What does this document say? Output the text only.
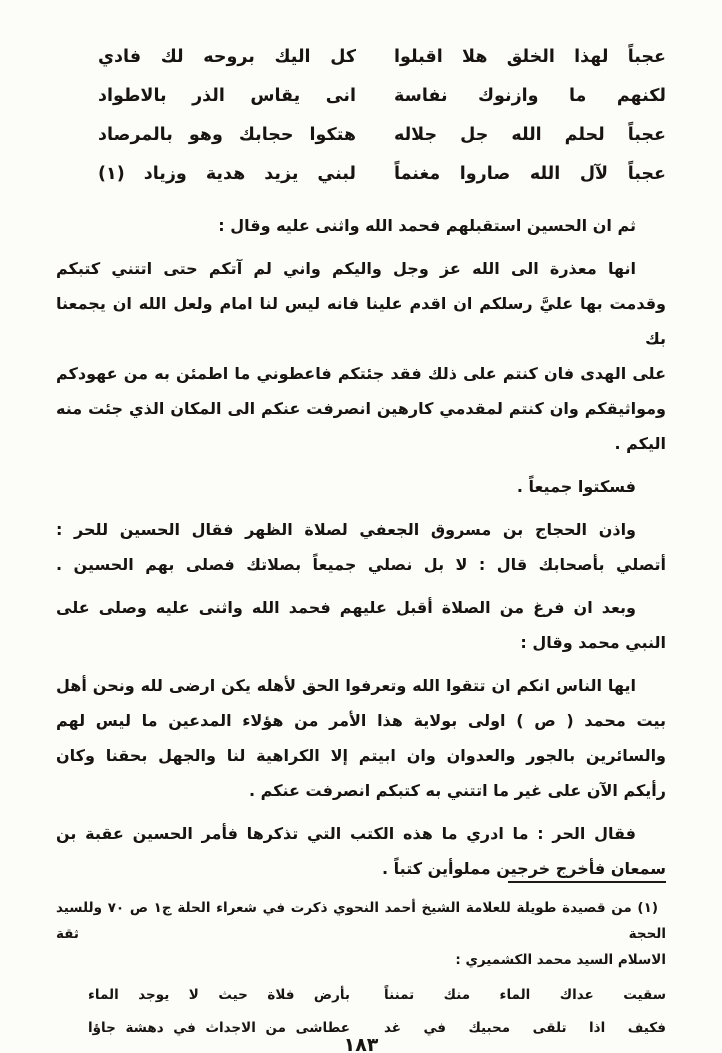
عجباً لهذا الخلق هلا اقبلوا
كل اليك بروحه لك فادي
لكنهم ما وازنوك نفاسة
انى يقاس الذر بالاطواد
عجباً لحلم الله جل جلاله
هتكوا حجابك وهو بالمرصاد
عجباً لآل الله صاروا مغنماً
لبني يزيد هدية وزياد (١)
ثم ان الحسين استقبلهم فحمد الله واثنى عليه وقال :
انها معذرة الى الله عز وجل واليكم واني لم آتكم حتى اتتني كتبكم
وقدمت بها عليَّ رسلكم ان اقدم علينا فانه ليس لنا امام ولعل الله ان يجمعنا بك
على الهدى فان كنتم على ذلك فقد جئتكم فاعطوني ما اطمئن به من عهودكم
ومواثيقكم وان كنتم لمقدمي كارهين انصرفت عنكم الى المكان الذي جئت منه
اليكم .
فسكتوا جميعاً .
واذن الحجاج بن مسروق الجعفي لصلاة الظهر فقال الحسين للحر :
أتصلي بأصحابك قال : لا بل نصلي جميعاً بصلاتك فصلى بهم الحسين .
وبعد ان فرغ من الصلاة أقبل عليهم فحمد الله واثنى عليه وصلى على
النبي محمد وقال :
ايها الناس انكم ان تتقوا الله وتعرفوا الحق لأهله يكن ارضى لله ونحن أهل
بيت محمد ( ص ) اولى بولاية هذا الأمر من هؤلاء المدعين ما ليس لهم
والسائرين بالجور والعدوان وان ابيتم إلا الكراهية لنا والجهل بحقنا وكان
رأيكم الآن على غير ما اتتني به كتبكم انصرفت عنكم .
فقال الحر : ما ادري ما هذه الكتب التي تذكرها فأمر الحسين عقبة بن
سمعان فأخرج خرجين مملوأين كتباً .
(١) من قصيدة طويلة للعلامة الشيخ أحمد النحوي ذكرت في شعراء الحلة ج١ ص ٧٠ وللسيد الحجة ثقة
الاسلام السيد محمد الكشميري :
سقيت عداك الماء منك تمنناً
بأرض فلاة حيث لا يوجد الماء
فكيف اذا تلقى محبيك في غد
عطاشى من الاجداث في دهشة جاؤا
١٨٣
